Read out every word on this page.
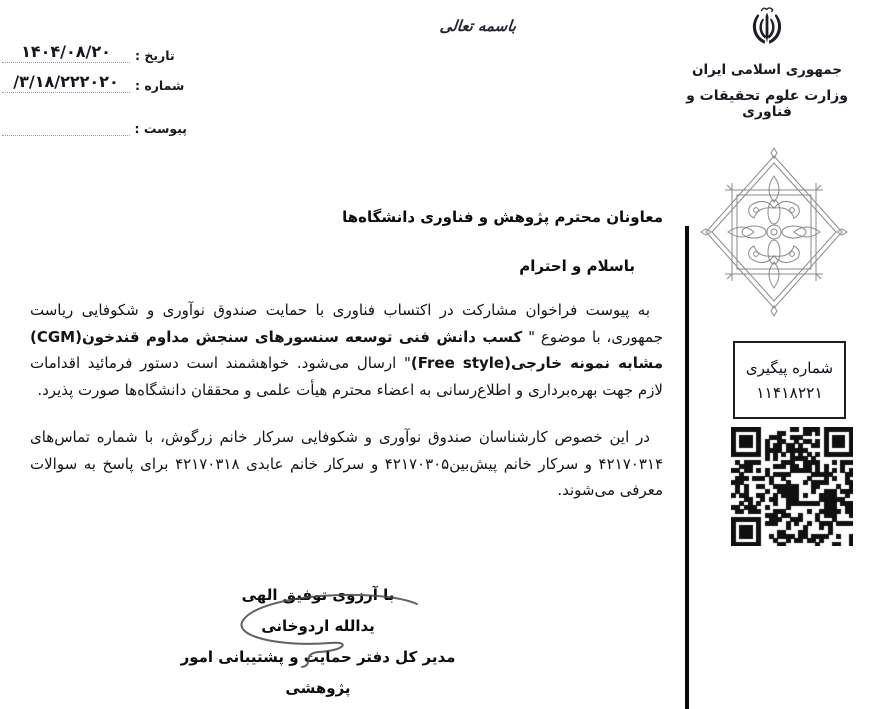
۱۴۰۴/۰۸/۲۰	تاریخ :
/۳/۱۸/۲۲۲۰۲۰	شماره :
پیوست :
باسمه تعالی
جمهوری اسلامی ایران
وزارت علوم تحقیقات و فناوری
شماره پیگیری
۱۱۴۱۸۲۲۱
معاونان محترم پژوهش و فناوری دانشگاه‌ها
باسلام و احترام

به پیوست فراخوان مشارکت در اکتساب فناوری با حمایت صندوق نوآوری و شکوفایی ریاست جمهوری، با موضوع " کسب دانش فنی توسعه سنسورهای سنجش مداوم قندخون(CGM) مشابه نمونه خارجی(Free style)" ارسال می‌شود. خواهشمند است دستور فرمائید اقدامات لازم جهت بهره‌برداری و اطلاع‌رسانی به اعضاء محترم هیأت علمی و محققان دانشگاه‌ها صورت پذیرد.

در این خصوص کارشناسان صندوق نوآوری و شکوفایی سرکار خانم زرگوش، با شماره تماس‌های ۴۲۱۷۰۳۱۴ و سرکار خانم پیش‌بین۴۲۱۷۰۳۰۵ و سرکار خانم عابدی ۴۲۱۷۰۳۱۸ برای پاسخ به سوالات معرفی می‌شوند.

با آرزوی توفیق الهی
یدالله اردوخانی
مدیر کل دفتر حمایت و پشتیبانی امور پژوهشی
